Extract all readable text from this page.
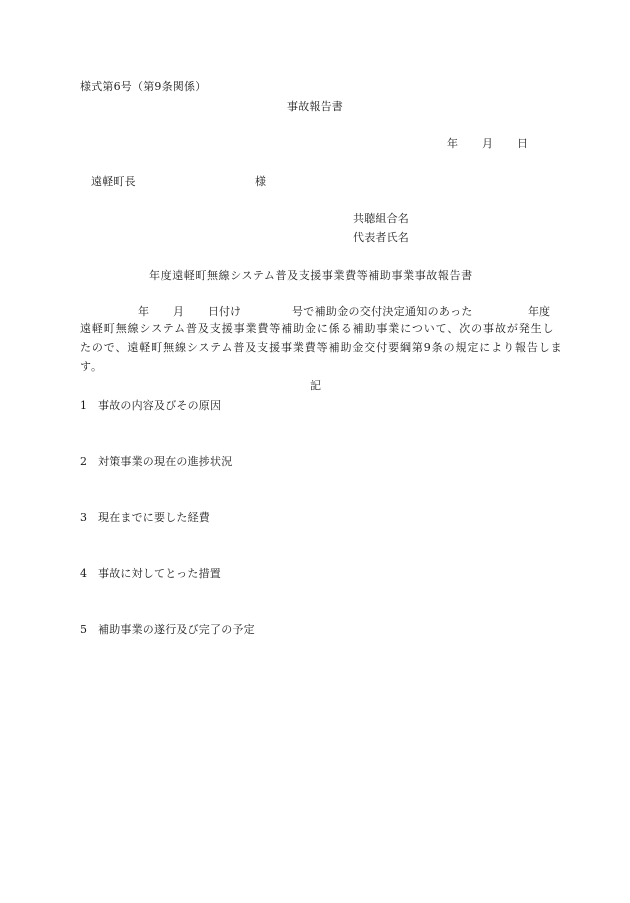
様式第6号（第9条関係）
事故報告書
年 月 日
遠軽町長	様
共聴組合名
代表者氏名
年度遠軽町無線システム普及支援事業費等補助事業事故報告書
年 月 日付け	号で補助金の交付決定通知のあった	年度
遠軽町無線システム普及支援事業費等補助金に係る補助事業について、次の事故が発生し
たので、遠軽町無線システム普及支援事業費等補助金交付要綱第9条の規定により報告しま
す。
記
1 事故の内容及びその原因
2 対策事業の現在の進捗状況
3 現在までに要した経費
4 事故に対してとった措置
5 補助事業の遂行及び完了の予定
